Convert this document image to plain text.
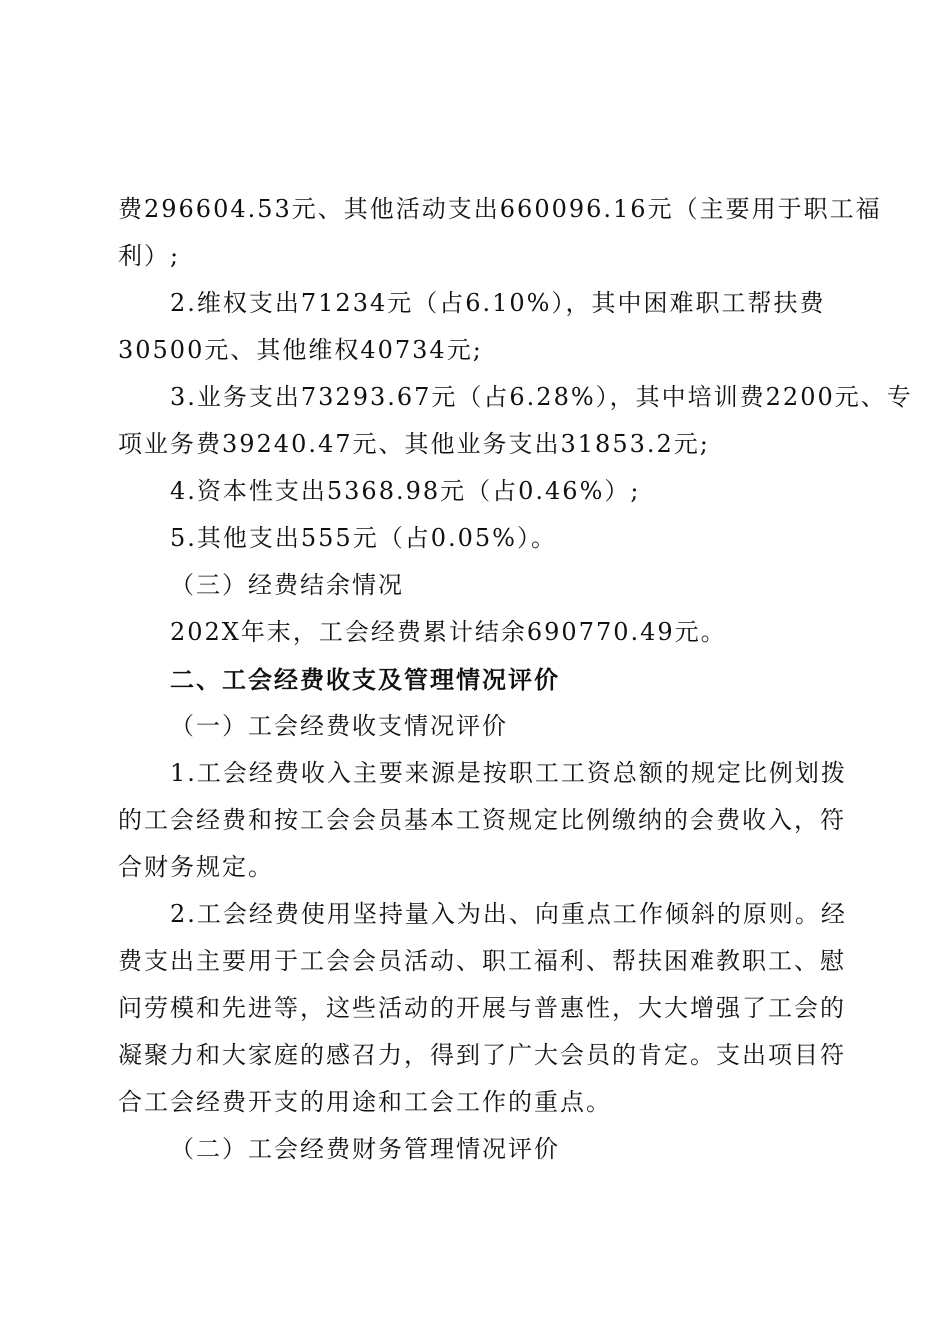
费296604.53元、其他活动支出660096.16元（主要用于职工福
利）;

2.维权支出71234元（占6.10%），其中困难职工帮扶费
30500元、其他维权40734元;

3.业务支出73293.67元（占6.28%），其中培训费2200元、专
项业务费39240.47元、其他业务支出31853.2元;

4.资本性支出5368.98元（占0.46%）;

5.其他支出555元（占0.05%）。

（三）经费结余情况

202X年末，工会经费累计结余690770.49元。

二、工会经费收支及管理情况评价

（一）工会经费收支情况评价

1.工会经费收入主要来源是按职工工资总额的规定比例划拨
的工会经费和按工会会员基本工资规定比例缴纳的会费收入，符
合财务规定。

2.工会经费使用坚持量入为出、向重点工作倾斜的原则。经
费支出主要用于工会会员活动、职工福利、帮扶困难教职工、慰
问劳模和先进等，这些活动的开展与普惠性，大大增强了工会的
凝聚力和大家庭的感召力，得到了广大会员的肯定。支出项目符
合工会经费开支的用途和工会工作的重点。

（二）工会经费财务管理情况评价
